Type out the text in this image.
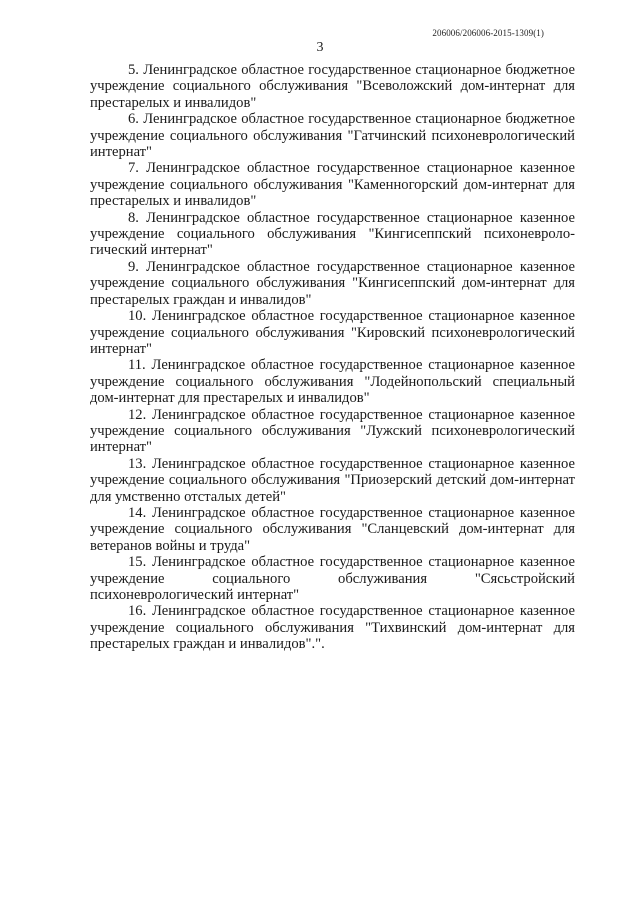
206006/206006-2015-1309(1)
3

5. Ленинградское областное государственное стационарное бюджетное учреждение социального обслуживания "Всеволожский дом-интернат для престарелых и инвалидов"

6. Ленинградское областное государственное стационарное бюджетное учреждение социального обслуживания "Гатчинский психоневрологический интернат"

7. Ленинградское областное государственное стационарное казенное учреждение социального обслуживания "Каменногорский дом-интернат для престарелых и инвалидов"

8. Ленинградское областное государственное стационарное казенное учреждение социального обслуживания "Кингисеппский психоневрологический интернат"

9. Ленинградское областное государственное стационарное казенное учреждение социального обслуживания "Кингисеппский дом-интернат для престарелых граждан и инвалидов"

10. Ленинградское областное государственное стационарное казенное учреждение социального обслуживания "Кировский психоневрологический интернат"

11. Ленинградское областное государственное стационарное казенное учреждение социального обслуживания "Лодейнопольский специальный дом-интернат для престарелых и инвалидов"

12. Ленинградское областное государственное стационарное казенное учреждение социального обслуживания "Лужский психоневрологический интернат"

13. Ленинградское областное государственное стационарное казенное учреждение социального обслуживания "Приозерский детский дом-интернат для умственно отсталых детей"

14. Ленинградское областное государственное стационарное казенное учреждение социального обслуживания "Сланцевский дом-интернат для ветеранов войны и труда"

15. Ленинградское областное государственное стационарное казенное учреждение социального обслуживания "Сясьстройский психоневрологический интернат"

16. Ленинградское областное государственное стационарное казенное учреждение социального обслуживания "Тихвинский дом-интернат для престарелых граждан и инвалидов".".
